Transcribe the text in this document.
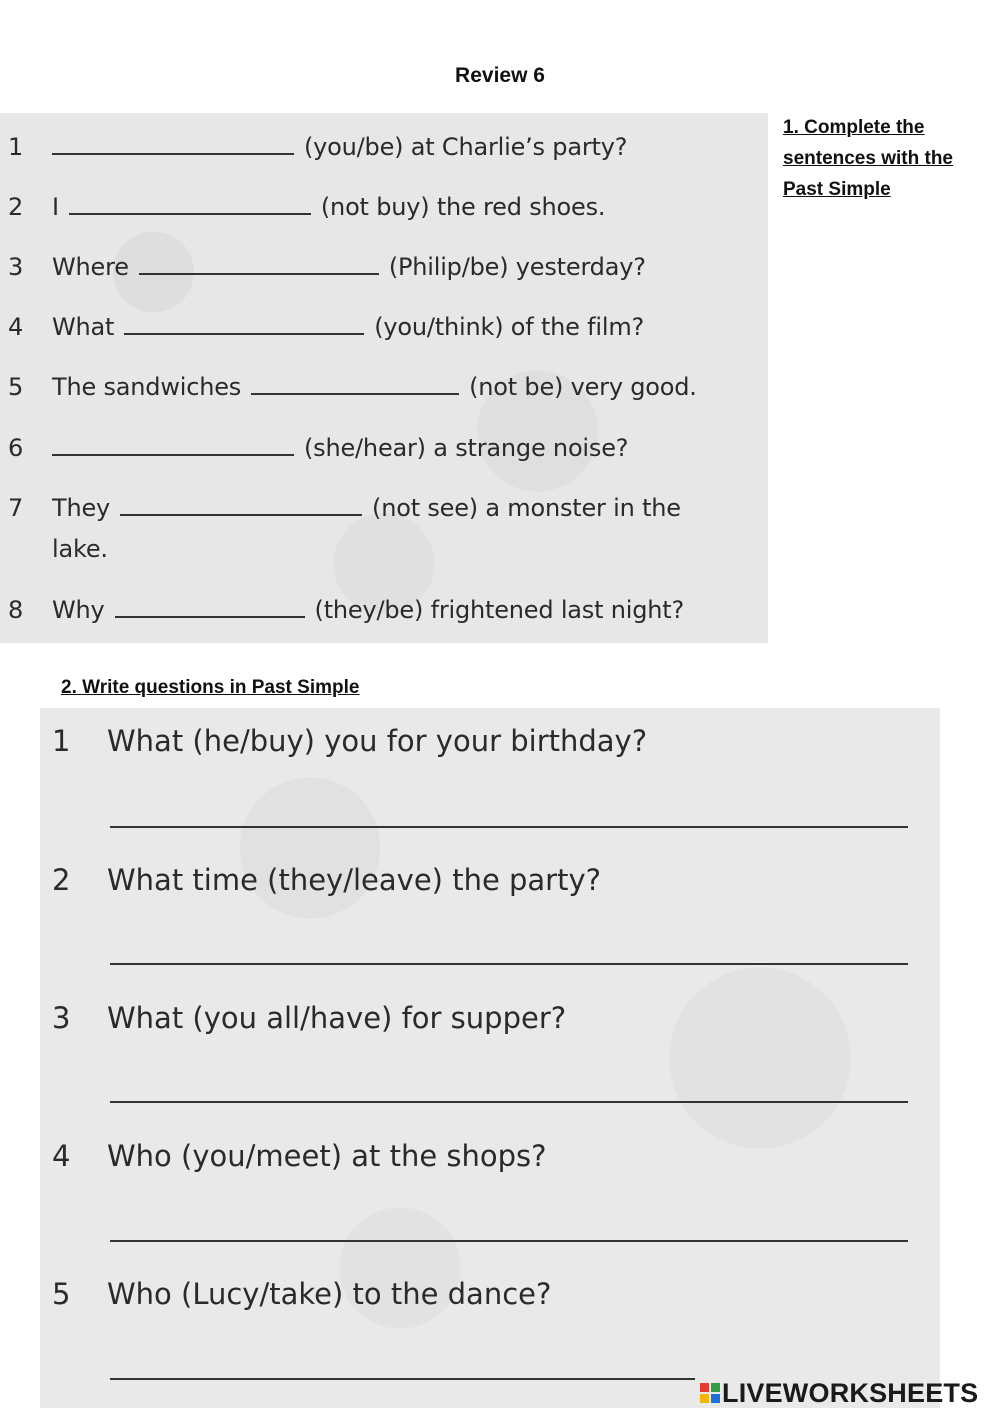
Review 6
1	(you/be) at Charlie’s party?
2 I	(not buy) the red shoes.
3 Where	(Philip/be) yesterday?
4 What	(you/think) of the film?
5 The sandwiches	(not be) very good.
6	(she/hear) a strange noise?
7 They	(not see) a monster in the
lake.
8 Why	(they/be) frightened last night?
1. Complete the sentences with the Past Simple
2. Write questions in Past Simple
1 What (he/buy) you for your birthday?
2 What time (they/leave) the party?
3 What (you all/have) for supper?
4 Who (you/meet) at the shops?
5 Who (Lucy/take) to the dance?
LIVEWORKSHEETS
